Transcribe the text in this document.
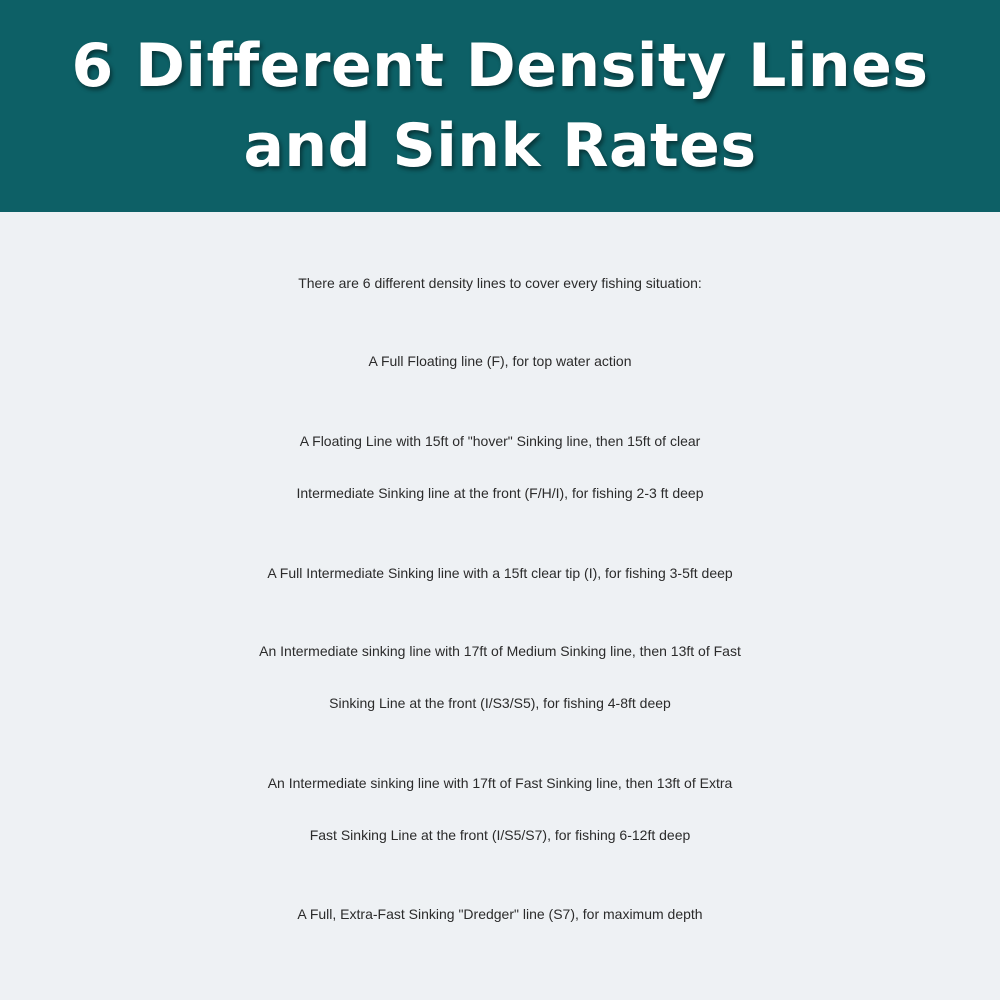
6 Different Density Lines
and Sink Rates
There are 6 different density lines to cover every fishing situation:
A Full Floating line (F), for top water action
A Floating Line with 15ft of "hover" Sinking line, then 15ft of clear
Intermediate Sinking line at the front (F/H/I), for fishing 2-3 ft deep
A Full Intermediate Sinking line with a 15ft clear tip (I), for fishing 3-5ft deep
An Intermediate sinking line with 17ft of Medium Sinking line, then 13ft of Fast
Sinking Line at the front (I/S3/S5), for fishing 4-8ft deep
An Intermediate sinking line with 17ft of Fast Sinking line, then 13ft of Extra
Fast Sinking Line at the front (I/S5/S7), for fishing 6-12ft deep
A Full, Extra-Fast Sinking "Dredger" line (S7), for maximum depth
